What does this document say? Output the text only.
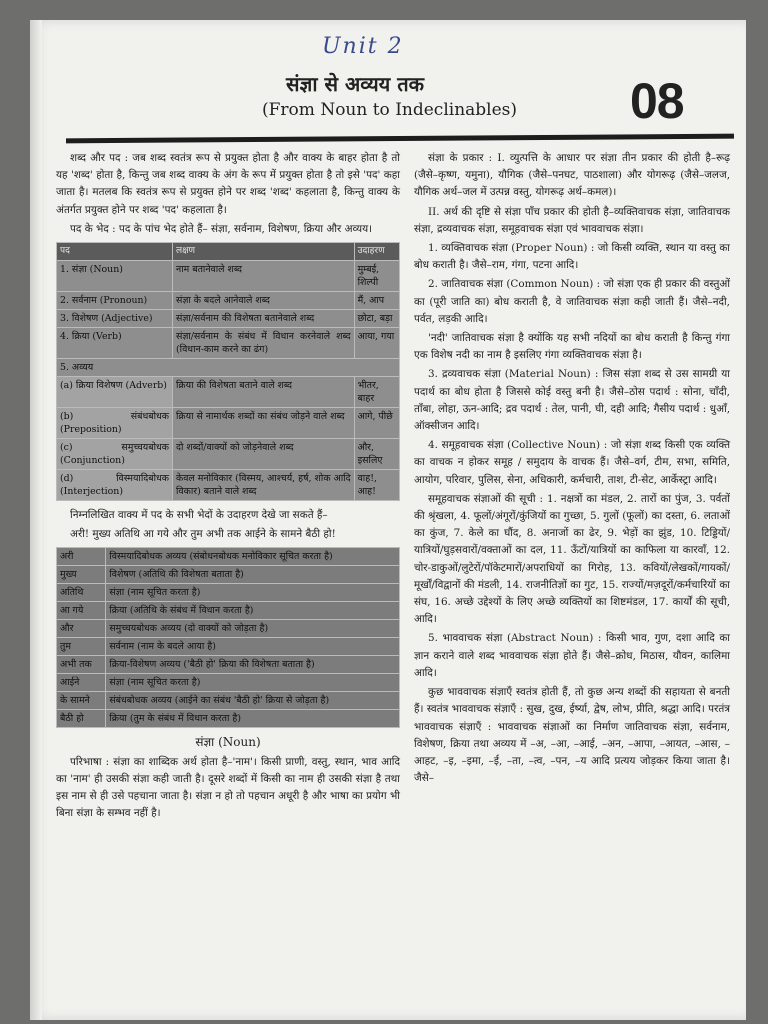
Unit 2
संज्ञा से अव्यय तक
(From Noun to Indeclinables) 08

शब्द और पद : जब शब्द स्वतंत्र रूप से प्रयुक्त होता है और वाक्य के बाहर होता है तो यह 'शब्द' होता है, किन्तु जब शब्द वाक्य के अंग के रूप में प्रयुक्त होता है तो इसे 'पद' कहा जाता है। मतलब कि स्वतंत्र रूप से प्रयुक्त होने पर शब्द 'शब्द' कहलाता है, किन्तु वाक्य के अंतर्गत प्रयुक्त होने पर शब्द 'पद' कहलाता है।

पद के भेद : पद के पांच भेद होते हैं– संज्ञा, सर्वनाम, विशेषण, क्रिया और अव्यय।

पद	लक्षण	उदाहरण
1. संज्ञा (Noun)	नाम बतानेवाले शब्द	मुम्बई, शिल्पी
2. सर्वनाम (Pronoun)	संज्ञा के बदले आनेवाले शब्द	मैं, आप
3. विशेषण (Adjective)	संज्ञा/सर्वनाम की विशेषता बतानेवाले शब्द	छोटा, बड़ा
4. क्रिया (Verb)	संज्ञा/सर्वनाम के संबंध में विधान करनेवाले शब्द (विधान-काम करने का ढंग)	आया, गया
5. अव्यय		
(a) क्रिया विशेषण (Adverb)	क्रिया की विशेषता बताने वाले शब्द	भीतर, बाहर
(b) संबंधबोधक (Preposition)	क्रिया से नामार्थक शब्दों का संबंध जोड़ने वाले शब्द	आगे, पीछे
(c) समुच्चयबोधक (Conjunction)	दो शब्दों/वाक्यों को जोड़नेवाले शब्द	और, इसलिए
(d) विस्मयादिबोधक (Interjection)	केवल मनोविकार (विस्मय, आश्चर्य, हर्ष, शोक आदि विकार) बताने वाले शब्द	वाह!, आह!

निम्नलिखित वाक्य में पद के सभी भेदों के उदाहरण देखे जा सकते हैं–

अरी! मुख्य अतिथि आ गये और तुम अभी तक आईने के सामने बैठी हो!

अरी	विस्मयादिबोधक अव्यय (संबोधनबोधक मनोविकार सूचित करता है)
मुख्य	विशेषण (अतिथि की विशेषता बताता है)
अतिथि	संज्ञा (नाम सूचित करता है)
आ गये	क्रिया (अतिथि के संबंध में विधान करता है)
और	समुच्चयबोधक अव्यय (दो वाक्यों को जोड़ता है)
तुम	सर्वनाम (नाम के बदले आया है)
अभी तक	क्रिया-विशेषण अव्यय ('बैठी हो' क्रिया की विशेषता बताता है)
आईने	संज्ञा (नाम सूचित करता है)
के सामने	संबंधबोधक अव्यय (आईने का संबंध 'बैठी हो' क्रिया से जोड़ता है)
बैठी हो	क्रिया (तुम के संबंध में विधान करता है)

संज्ञा (Noun)

परिभाषा : संज्ञा का शाब्दिक अर्थ होता है–'नाम'। किसी प्राणी, वस्तु, स्थान, भाव आदि का 'नाम' ही उसकी संज्ञा कही जाती है। दूसरे शब्दों में किसी का नाम ही उसकी संज्ञा है तथा इस नाम से ही उसे पहचाना जाता है। संज्ञा न हो तो पहचान अधूरी है और भाषा का प्रयोग भी बिना संज्ञा के सम्भव नहीं है।

संज्ञा के प्रकार : I. व्युत्पत्ति के आधार पर संज्ञा तीन प्रकार की होती है–रूढ़ (जैसे–कृष्ण, यमुना), यौगिक (जैसे–पनघट, पाठशाला) और योगरूढ़ (जैसे–जलज, यौगिक अर्थ–जल में उत्पन्न वस्तु, योगरूढ़ अर्थ–कमल)।

II. अर्थ की दृष्टि से संज्ञा पाँच प्रकार की होती है–व्यक्तिवाचक संज्ञा, जातिवाचक संज्ञा, द्रव्यवाचक संज्ञा, समूहवाचक संज्ञा एवं भाववाचक संज्ञा।

1. व्यक्तिवाचक संज्ञा (Proper Noun) : जो किसी व्यक्ति, स्थान या वस्तु का बोध कराती है। जैसे–राम, गंगा, पटना आदि।

2. जातिवाचक संज्ञा (Common Noun) : जो संज्ञा एक ही प्रकार की वस्तुओं का (पूरी जाति का) बोध कराती है, वे जातिवाचक संज्ञा कही जाती हैं। जैसे–नदी, पर्वत, लड़की आदि।

'नदी' जातिवाचक संज्ञा है क्योंकि यह सभी नदियों का बोध कराती है किन्तु गंगा एक विशेष नदी का नाम है इसलिए गंगा व्यक्तिवाचक संज्ञा है।

3. द्रव्यवाचक संज्ञा (Material Noun) : जिस संज्ञा शब्द से उस सामग्री या पदार्थ का बोध होता है जिससे कोई वस्तु बनी है। जैसे–ठोस पदार्थ : सोना, चाँदी, ताँबा, लोहा, ऊन-आदि; द्रव पदार्थ : तेल, पानी, घी, दही आदि; गैसीय पदार्थ : धुआँ, ऑक्सीजन आदि।

4. समूहवाचक संज्ञा (Collective Noun) : जो संज्ञा शब्द किसी एक व्यक्ति का वाचक न होकर समूह / समुदाय के वाचक हैं। जैसे–वर्ग, टीम, सभा, समिति, आयोग, परिवार, पुलिस, सेना, अधिकारी, कर्मचारी, ताश, टी-सेट, आर्केस्ट्रा आदि।

समूहवाचक संज्ञाओं की सूची : 1. नक्षत्रों का मंडल, 2. तारों का पुंज, 3. पर्वतों की श्रृंखला, 4. फूलों/अंगूरों/कुंजियों का गुच्छा, 5. गुलों (फूलों) का दस्ता, 6. लताओं का कुंज, 7. केले का घौंद, 8. अनाजों का ढेर, 9. भेड़ों का झुंड, 10. टिड्डियों/यात्रियों/घुड़सवारों/वक्ताओं का दल, 11. ऊँटों/यात्रियों का काफिला या कारवाँ, 12. चोर-डाकुओं/लुटेरों/पॉकेटमारों/अपराधियों का गिरोह, 13. कवियों/लेखकों/गायकों/मूर्खों/विद्वानों की मंडली, 14. राजनीतिज्ञों का गुट, 15. राज्यों/मज़दूरों/कर्मचारियों का संघ, 16. अच्छे उद्देश्यों के लिए अच्छे व्यक्तियों का शिष्टमंडल, 17. कार्यों की सूची, आदि।

5. भाववाचक संज्ञा (Abstract Noun) : किसी भाव, गुण, दशा आदि का ज्ञान कराने वाले शब्द भाववाचक संज्ञा होते हैं। जैसे–क्रोध, मिठास, यौवन, कालिमा आदि।

कुछ भाववाचक संज्ञाएँ स्वतंत्र होती हैं, तो कुछ अन्य शब्दों की सहायता से बनती हैं। स्वतंत्र भाववाचक संज्ञाएँ : सुख, दुख, ईर्ष्या, द्वेष, लोभ, प्रीति, श्रद्धा आदि। परतंत्र भाववाचक संज्ञाएँ : भाववाचक संज्ञाओं का निर्माण जातिवाचक संज्ञा, सर्वनाम, विशेषण, क्रिया तथा अव्यय में –अ, –आ, –आई, –अन, –आपा, –आयत, –आस, –आहट, –इ, –इमा, –ई, –ता, –त्व, –पन, –य आदि प्रत्यय जोड़कर किया जाता है। जैसे–
